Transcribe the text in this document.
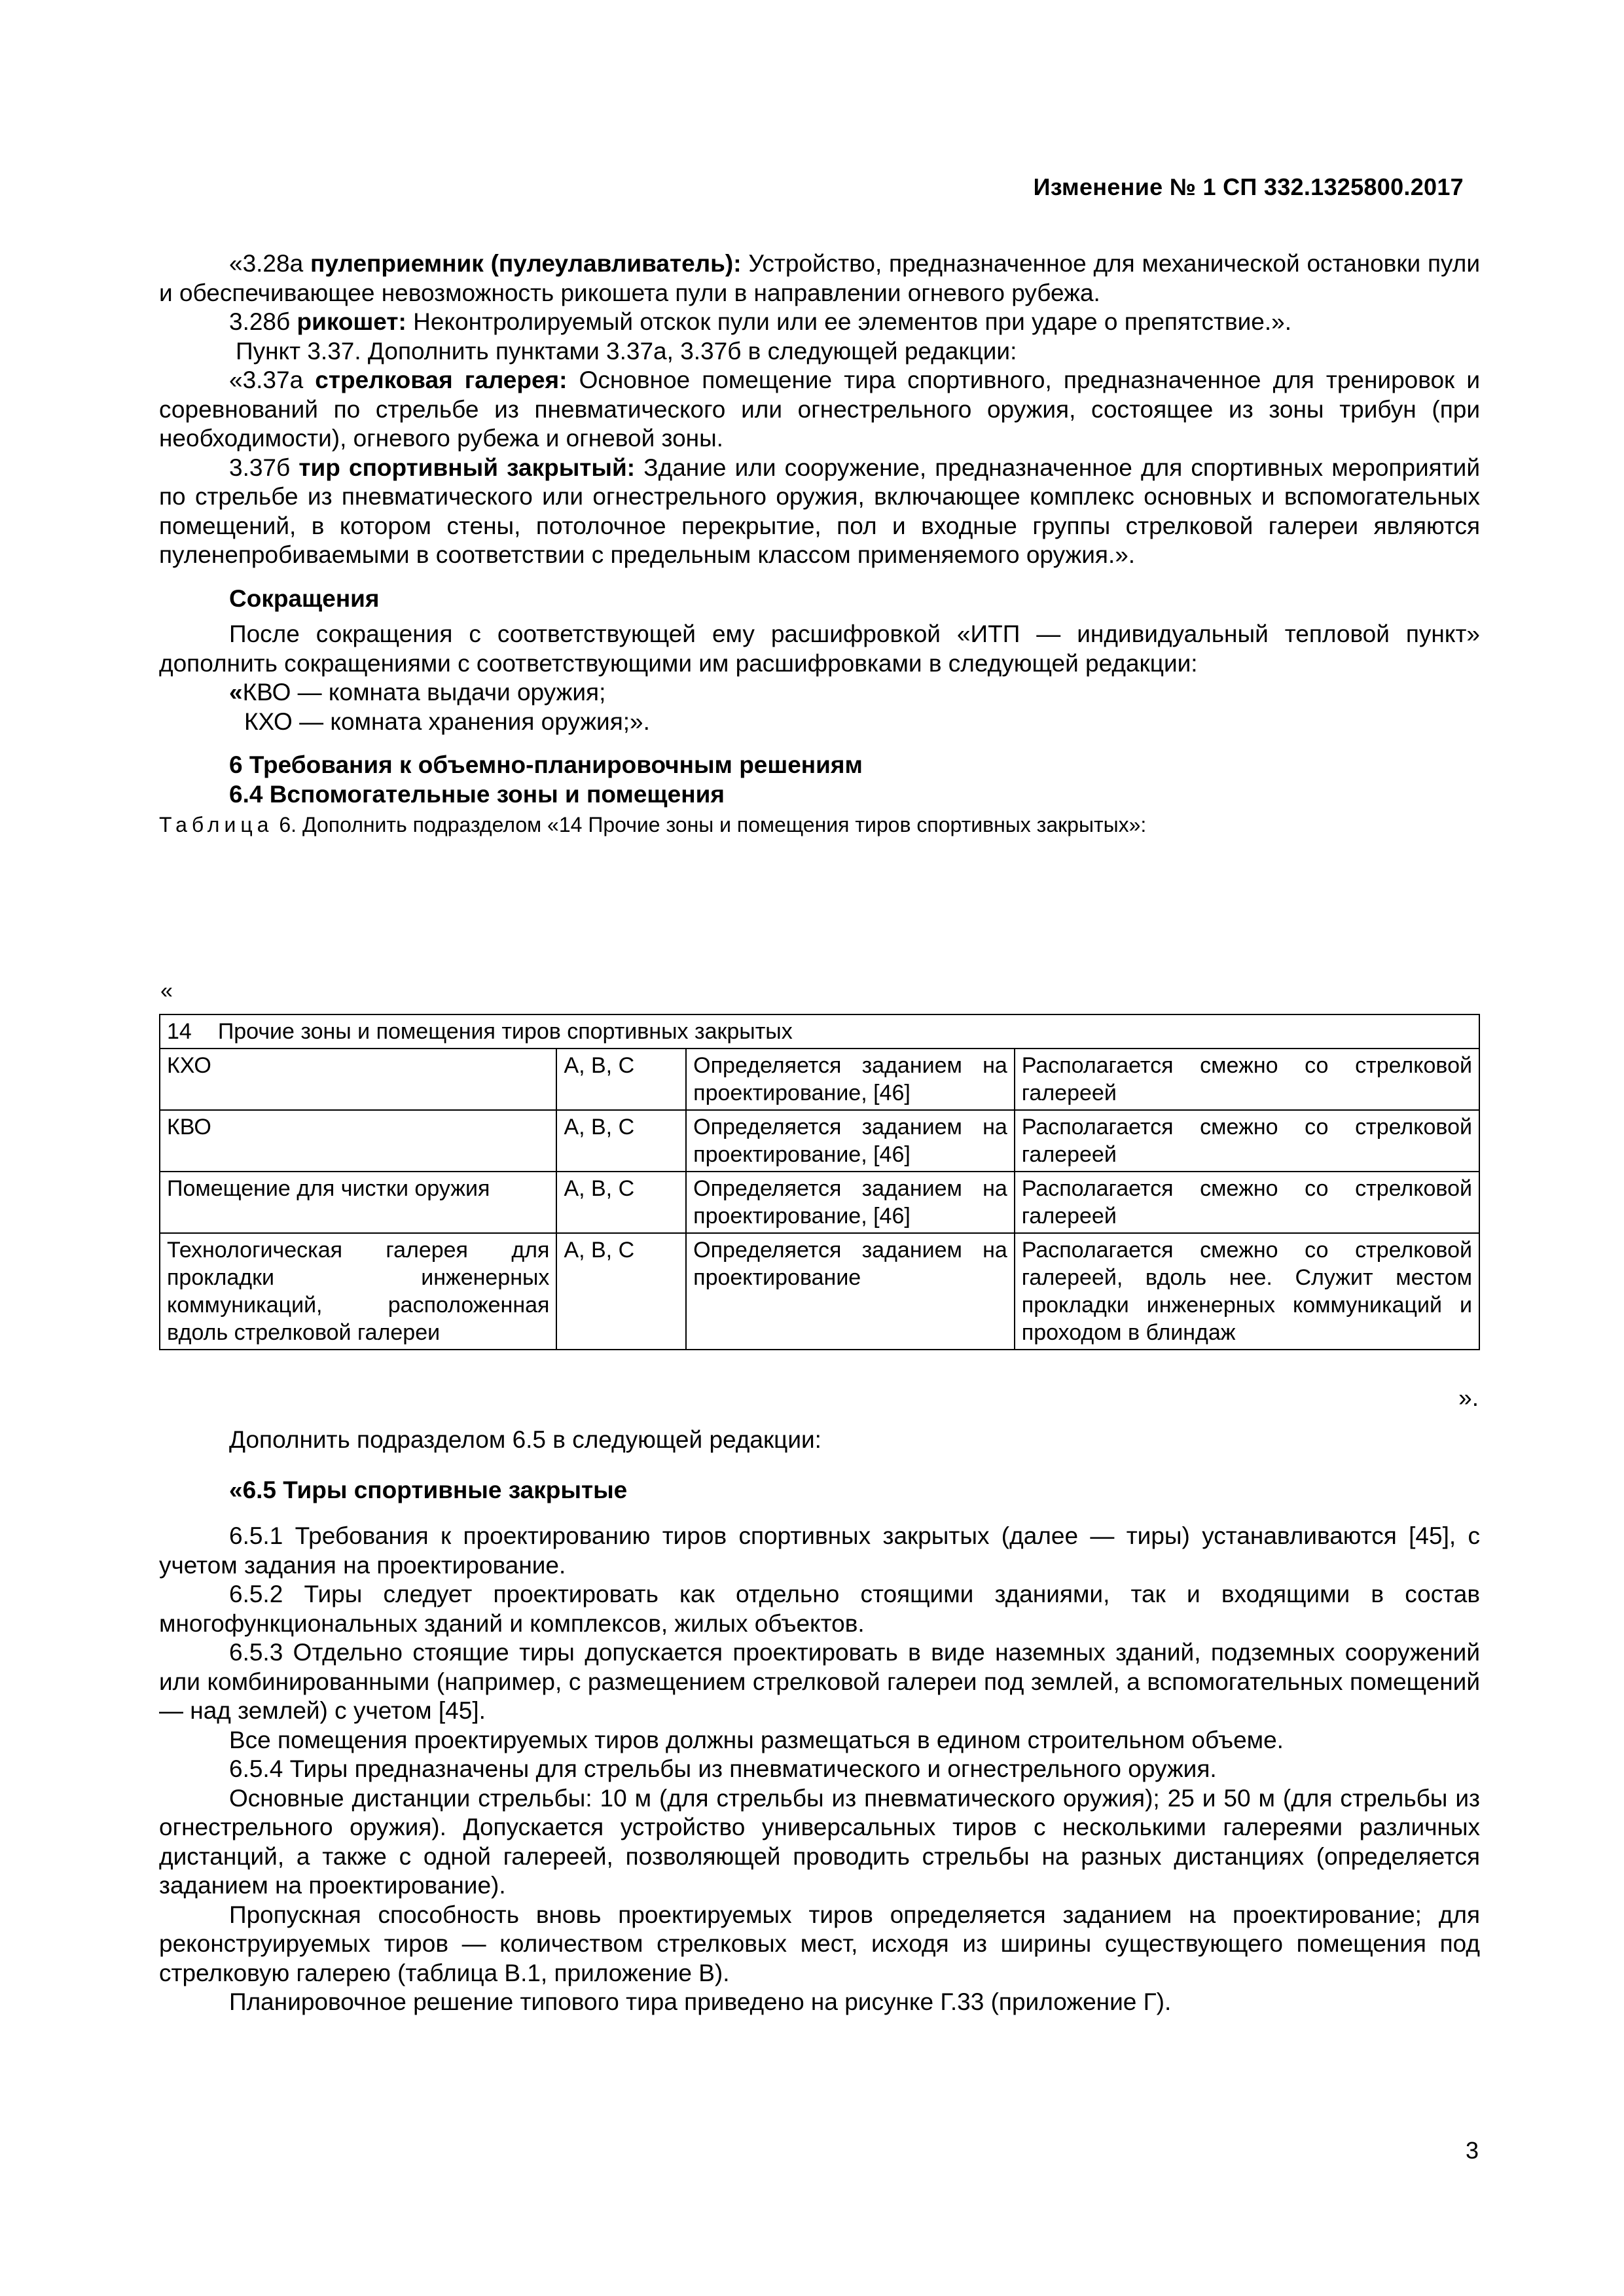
Изменение № 1 СП 332.1325800.2017

«3.28а пулеприемник (пулеулавливатель): Устройство, предназначенное для механической остановки пули и обеспечивающее невозможность рикошета пули в направлении огневого рубежа.

3.28б рикошет: Неконтролируемый отскок пули или ее элементов при ударе о препятствие.».

Пункт 3.37. Дополнить пунктами 3.37а, 3.37б в следующей редакции:

«3.37а стрелковая галерея: Основное помещение тира спортивного, предназначенное для тренировок и соревнований по стрельбе из пневматического или огнестрельного оружия, состоящее из зоны трибун (при необходимости), огневого рубежа и огневой зоны.

3.37б тир спортивный закрытый: Здание или сооружение, предназначенное для спортивных мероприятий по стрельбе из пневматического или огнестрельного оружия, включающее комплекс основных и вспомогательных помещений, в котором стены, потолочное перекрытие, пол и входные группы стрелковой галереи являются пуленепробиваемыми в соответствии с предельным классом применяемого оружия.».

Сокращения

После сокращения с соответствующей ему расшифровкой «ИТП — индивидуальный тепловой пункт» дополнить сокращениями с соответствующими им расшифровками в следующей редакции:

«КВО — комната выдачи оружия;

КХО — комната хранения оружия;».

6 Требования к объемно-планировочным решениям

6.4 Вспомогательные зоны и помещения

Таблица 6. Дополнить подразделом «14 Прочие зоны и помещения тиров спортивных закрытых»:

«
14 Прочие зоны и помещения тиров спортивных закрытых			
КХО	А, В, С	Определяется заданием на проектирование, [46]	Располагается смежно со стрелковой галереей
КВО	А, В, С	Определяется заданием на проектирование, [46]	Располагается смежно со стрелковой галереей
Помещение для чистки оружия	А, В, С	Определяется заданием на проектирование, [46]	Располагается смежно со стрелковой галереей
Технологическая галерея для прокладки инженерных коммуникаций, расположенная вдоль стрелковой галереи	А, В, С	Определяется заданием на проектирование	Располагается смежно со стрелковой галереей, вдоль нее. Служит местом прокладки инженерных коммуникаций и проходом в блиндаж
».

Дополнить подразделом 6.5 в следующей редакции:

«6.5 Тиры спортивные закрытые

6.5.1 Требования к проектированию тиров спортивных закрытых (далее — тиры) устанавливаются [45], с учетом задания на проектирование.

6.5.2 Тиры следует проектировать как отдельно стоящими зданиями, так и входящими в состав многофункциональных зданий и комплексов, жилых объектов.

6.5.3 Отдельно стоящие тиры допускается проектировать в виде наземных зданий, подземных сооружений или комбинированными (например, с размещением стрелковой галереи под землей, а вспомогательных помещений — над землей) с учетом [45].

Все помещения проектируемых тиров должны размещаться в едином строительном объеме.

6.5.4 Тиры предназначены для стрельбы из пневматического и огнестрельного оружия.

Основные дистанции стрельбы: 10 м (для стрельбы из пневматического оружия); 25 и 50 м (для стрельбы из огнестрельного оружия). Допускается устройство универсальных тиров с несколькими галереями различных дистанций, а также с одной галереей, позволяющей проводить стрельбы на разных дистанциях (определяется заданием на проектирование).

Пропускная способность вновь проектируемых тиров определяется заданием на проектирование; для реконструируемых тиров — количеством стрелковых мест, исходя из ширины существующего помещения под стрелковую галерею (таблица В.1, приложение В).

Планировочное решение типового тира приведено на рисунке Г.33 (приложение Г).

3
